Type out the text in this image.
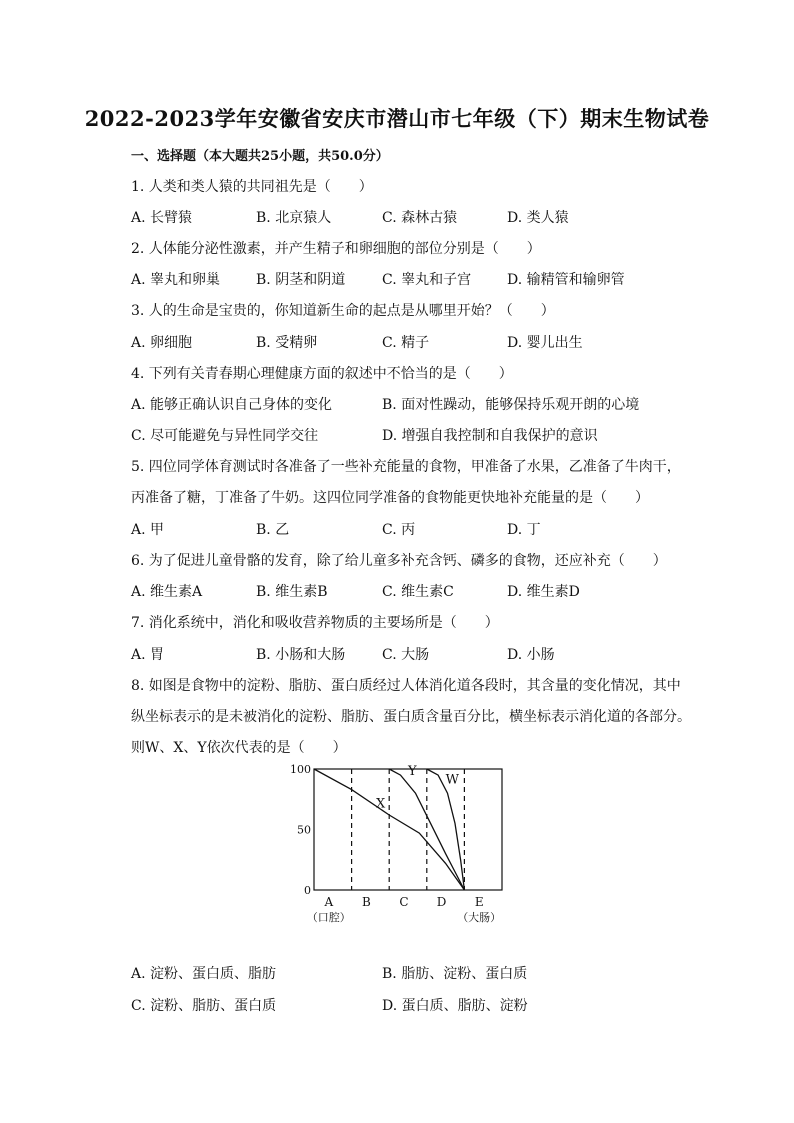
2022-2023学年安徽省安庆市潜山市七年级（下）期末生物试卷
一、选择题（本大题共25小题，共50.0分）
1. 人类和类人猿的共同祖先是（　　）
A. 长臂猿	B. 北京猿人	C. 森林古猿	D. 类人猿
2. 人体能分泌性激素，并产生精子和卵细胞的部位分别是（　　）
A. 睾丸和卵巢	B. 阴茎和阴道	C. 睾丸和子宫	D. 输精管和输卵管
3. 人的生命是宝贵的，你知道新生命的起点是从哪里开始？（　　）
A. 卵细胞	B. 受精卵	C. 精子	D. 婴儿出生
4. 下列有关青春期心理健康方面的叙述中不恰当的是（　　）
A. 能够正确认识自己身体的变化	B. 面对性躁动，能够保持乐观开朗的心境
C. 尽可能避免与异性同学交往	D. 增强自我控制和自我保护的意识
5. 四位同学体育测试时各准备了一些补充能量的食物，甲准备了水果，乙准备了牛肉干，
丙准备了糖，丁准备了牛奶。这四位同学准备的食物能更快地补充能量的是（　　）
A. 甲	B. 乙	C. 丙	D. 丁
6. 为了促进儿童骨骼的发育，除了给儿童多补充含钙、磷多的食物，还应补充（　　）
A. 维生素A	B. 维生素B	C. 维生素C	D. 维生素D
7. 消化系统中，消化和吸收营养物质的主要场所是（　　）
A. 胃	B. 小肠和大肠	C. 大肠	D. 小肠
8. 如图是食物中的淀粉、脂肪、蛋白质经过人体消化道各段时，其含量的变化情况，其中
纵坐标表示的是未被消化的淀粉、脂肪、蛋白质含量百分比，横坐标表示消化道的各部分。
则W、X、Y依次代表的是（　　）
0
50
100
A
（口腔）
B C D E
（大肠）
X
Y
W
A. 淀粉、蛋白质、脂肪	B. 脂肪、淀粉、蛋白质
C. 淀粉、脂肪、蛋白质	D. 蛋白质、脂肪、淀粉
